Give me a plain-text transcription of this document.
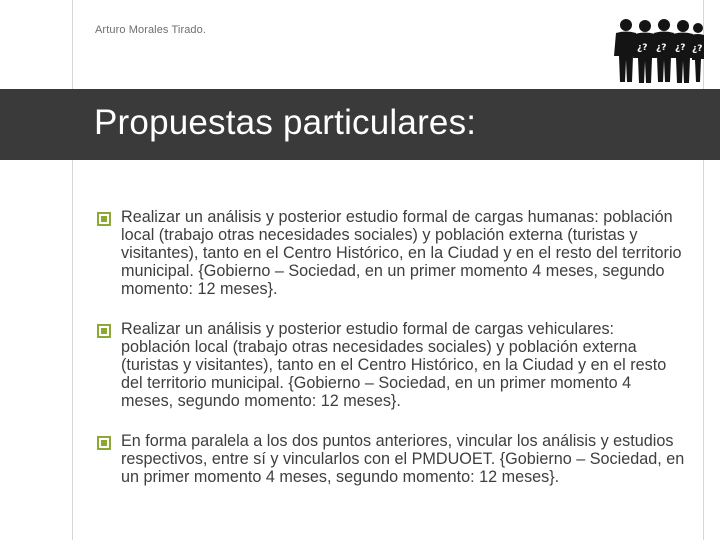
Arturo Morales Tirado.
¿? ¿? ¿? ¿?
Propuestas particulares:
Realizar un análisis y posterior estudio formal de cargas humanas: población local (trabajo otras necesidades sociales) y población externa (turistas y visitantes), tanto en el Centro Histórico, en la Ciudad y en el resto del territorio municipal. {Gobierno – Sociedad, en un primer momento 4 meses, segundo momento: 12 meses}.
Realizar un análisis y posterior estudio formal de cargas vehiculares: población local (trabajo otras necesidades sociales) y población externa (turistas y visitantes), tanto en el Centro Histórico, en la Ciudad y en el resto del territorio municipal. {Gobierno – Sociedad, en un primer momento 4 meses, segundo momento: 12 meses}.
En forma paralela a los dos puntos anteriores, vincular los análisis y estudios respectivos, entre sí y vincularlos con el PMDUOET. {Gobierno – Sociedad, en un primer momento 4 meses, segundo momento: 12 meses}.
